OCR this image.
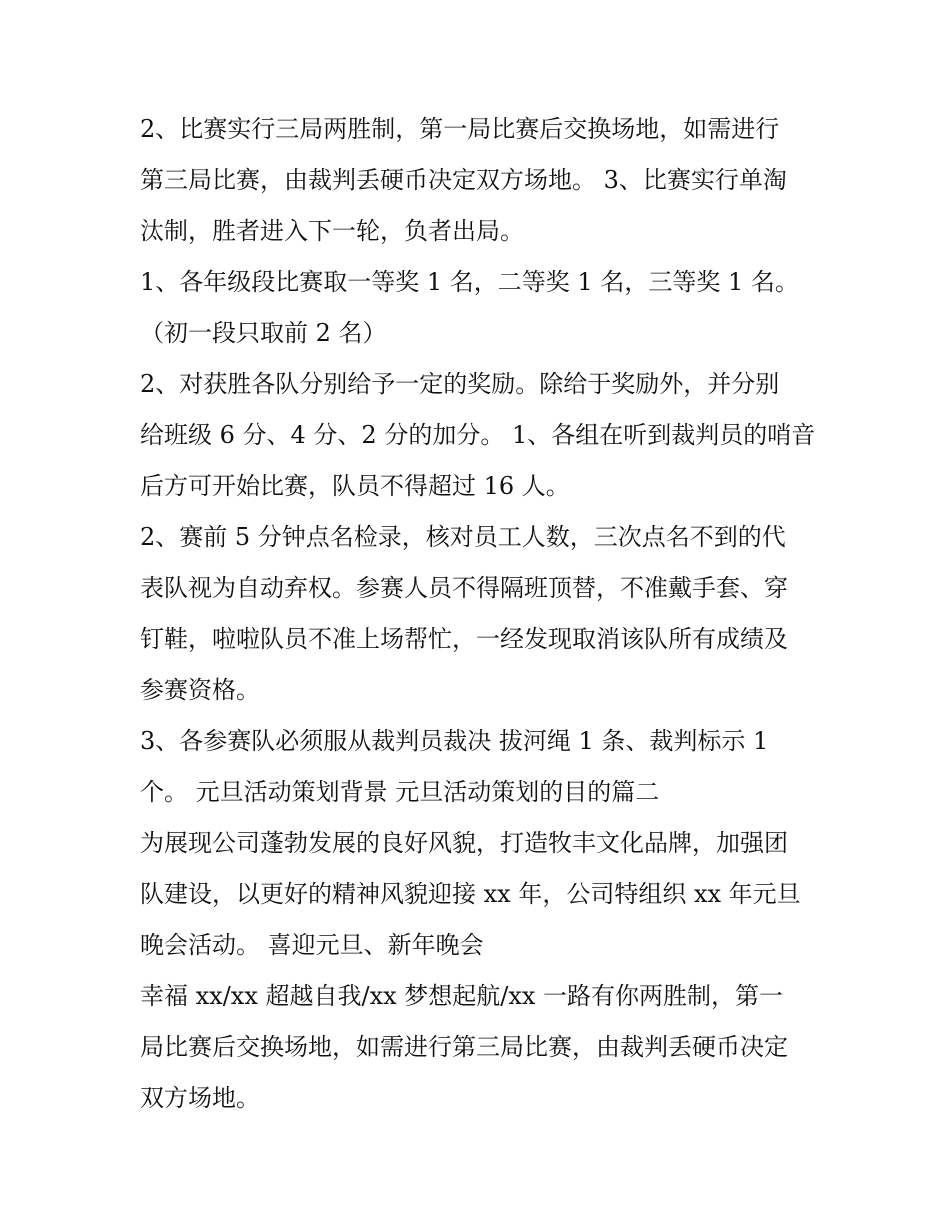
2、比赛实行三局两胜制，第一局比赛后交换场地，如需进行
第三局比赛，由裁判丢硬币决定双方场地。 3、比赛实行单淘
汰制，胜者进入下一轮，负者出局。
1、各年级段比赛取一等奖 1 名，二等奖 1 名，三等奖 1 名。
（初一段只取前 2 名）
2、对获胜各队分别给予一定的奖励。除给于奖励外，并分别
给班级 6 分、4 分、2 分的加分。 1、各组在听到裁判员的哨音
后方可开始比赛，队员不得超过 16 人。
2、赛前 5 分钟点名检录，核对员工人数，三次点名不到的代
表队视为自动弃权。参赛人员不得隔班顶替，不准戴手套、穿
钉鞋，啦啦队员不准上场帮忙，一经发现取消该队所有成绩及
参赛资格。
3、各参赛队必须服从裁判员裁决 拔河绳 1 条、裁判标示 1
个。 元旦活动策划背景 元旦活动策划的目的篇二
为展现公司蓬勃发展的良好风貌，打造牧丰文化品牌，加强团
队建设，以更好的精神风貌迎接 xx 年，公司特组织 xx 年元旦
晚会活动。 喜迎元旦、新年晚会
幸福 xx/xx 超越自我/xx 梦想起航/xx 一路有你两胜制，第一
局比赛后交换场地，如需进行第三局比赛，由裁判丢硬币决定
双方场地。
